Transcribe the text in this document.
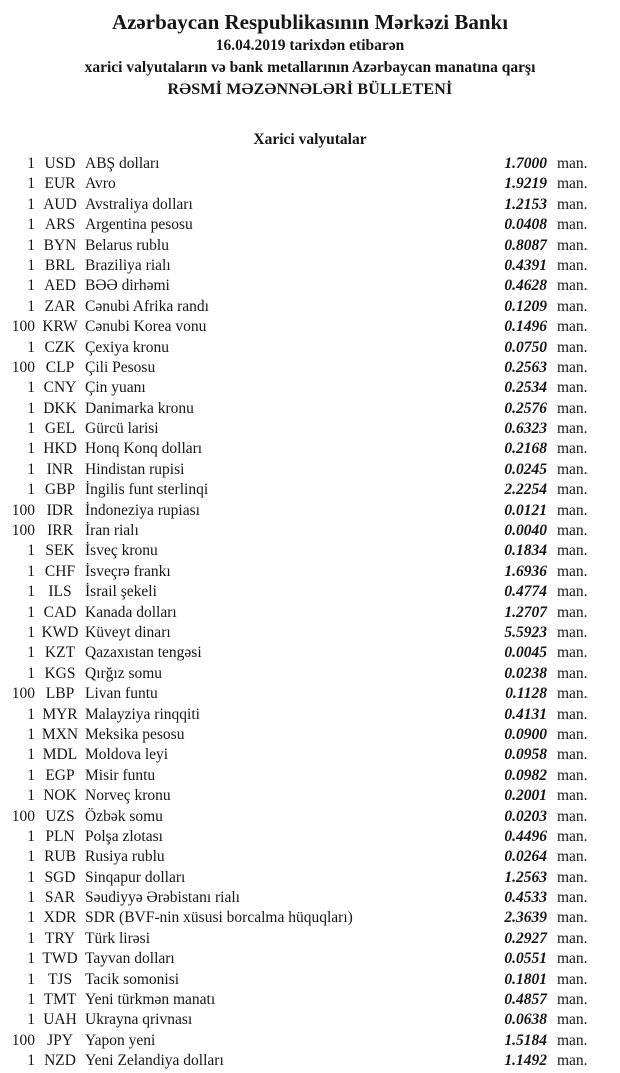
Azərbaycan Respublikasının Mərkəzi Bankı
16.04.2019 tarixdən etibarən
xarici valyutaların və bank metallarının Azərbaycan manatına qarşı
RƏSMİ MƏZƏNNƏLƏRİ BÜLLETENİ
Xarici valyutalar
1 USD ABŞ dolları	1.7000 man.
1 EUR Avro	1.9219 man.
1 AUD Avstraliya dolları	1.2153 man.
1 ARS Argentina pesosu	0.0408 man.
1 BYN Belarus rublu	0.8087 man.
1 BRL Braziliya rialı	0.4391 man.
1 AED BƏƏ dirhəmi	0.4628 man.
1 ZAR Cənubi Afrika randı	0.1209 man.
100 KRW Cənubi Korea vonu	0.1496 man.
1 CZK Çexiya kronu	0.0750 man.
100 CLP Çili Pesosu	0.2563 man.
1 CNY Çin yuanı	0.2534 man.
1 DKK Danimarka kronu	0.2576 man.
1 GEL Gürcü larisi	0.6323 man.
1 HKD Honq Konq dolları	0.2168 man.
1 INR Hindistan rupisi	0.0245 man.
1 GBP İngilis funt sterlinqi	2.2254 man.
100 IDR İndoneziya rupiası	0.0121 man.
100 IRR İran rialı	0.0040 man.
1 SEK İsveç kronu	0.1834 man.
1 CHF İsveçrə frankı	1.6936 man.
1 ILS İsrail şekeli	0.4774 man.
1 CAD Kanada dolları	1.2707 man.
1 KWD Küveyt dinarı	5.5923 man.
1 KZT Qazaxıstan tengəsi	0.0045 man.
1 KGS Qırğız somu	0.0238 man.
100 LBP Livan funtu	0.1128 man.
1 MYR Malayziya rinqqiti	0.4131 man.
1 MXN Meksika pesosu	0.0900 man.
1 MDL Moldova leyi	0.0958 man.
1 EGP Misir funtu	0.0982 man.
1 NOK Norveç kronu	0.2001 man.
100 UZS Özbək somu	0.0203 man.
1 PLN Polşa zlotası	0.4496 man.
1 RUB Rusiya rublu	0.0264 man.
1 SGD Sinqapur dolları	1.2563 man.
1 SAR Səudiyyə Ərəbistanı rialı	0.4533 man.
1 XDR SDR (BVF-nin xüsusi borcalma hüquqları)	2.3639 man.
1 TRY Türk lirəsi	0.2927 man.
1 TWD Tayvan dolları	0.0551 man.
1 TJS Tacik somonisi	0.1801 man.
1 TMT Yeni türkmən manatı	0.4857 man.
1 UAH Ukrayna qrivnası	0.0638 man.
100 JPY Yapon yeni	1.5184 man.
1 NZD Yeni Zelandiya dolları	1.1492 man.
